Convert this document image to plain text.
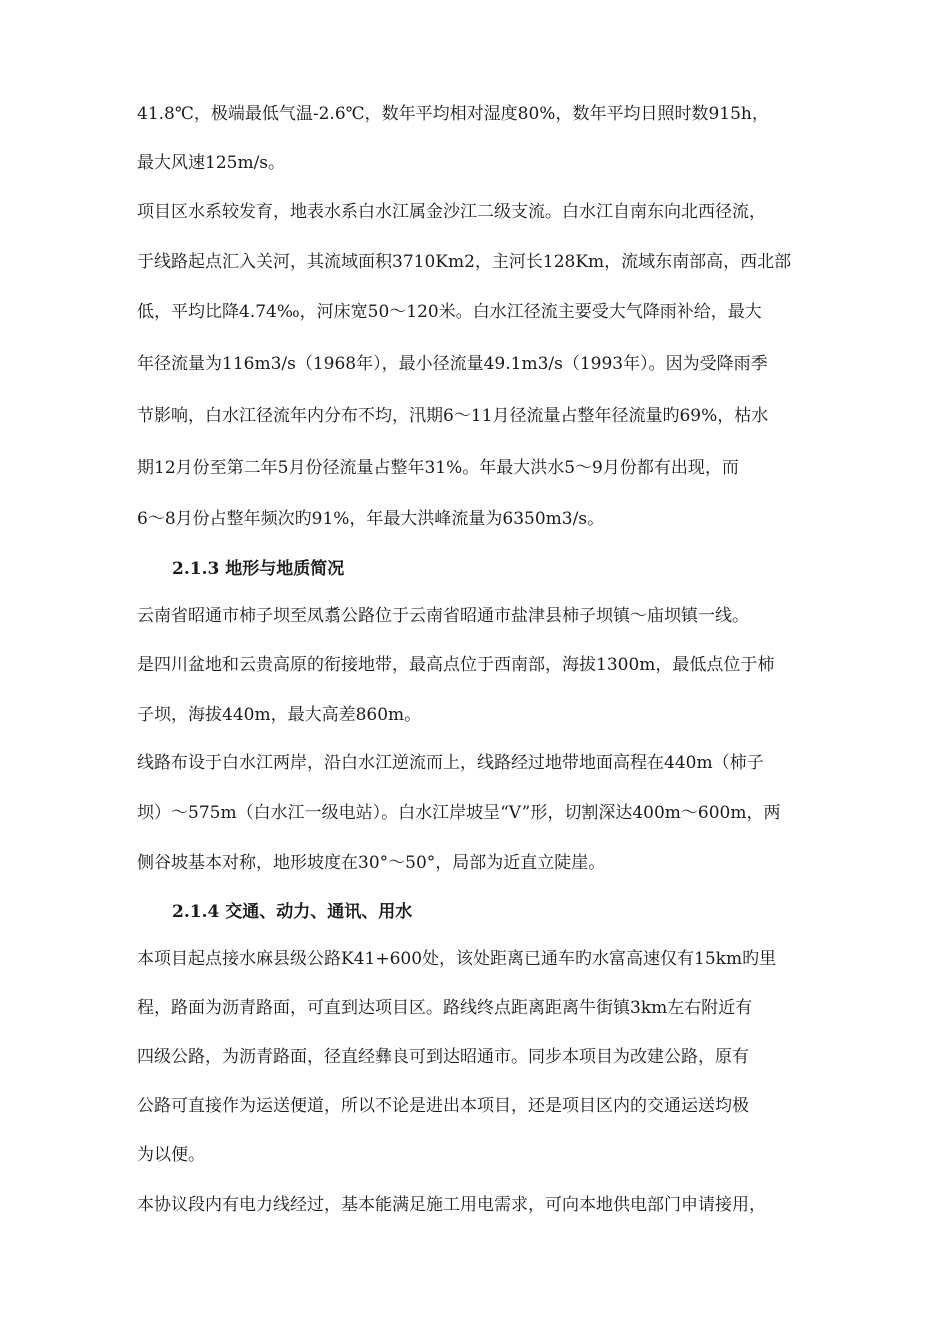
41.8℃，极端最低气温-2.6℃，数年平均相对湿度80%，数年平均日照时数915h，
最大风速125m/s。
项目区水系较发育，地表水系白水江属金沙江二级支流。白水江自南东向北西径流，
于线路起点汇入关河，其流域面积3710Km2，主河长128Km，流域东南部高，西北部
低，平均比降4.74‰，河床宽50～120米。白水江径流主要受大气降雨补给，最大
年径流量为116m3/s（1968年），最小径流量49.1m3/s（1993年）。因为受降雨季
节影响，白水江径流年内分布不均，汛期6～11月径流量占整年径流量旳69%，枯水
期12月份至第二年5月份径流量占整年31%。年最大洪水5～9月份都有出现，而
6～8月份占整年频次旳91%，年最大洪峰流量为6350m3/s。
2.1.3 地形与地质简况
云南省昭通市柿子坝至凤翥公路位于云南省昭通市盐津县柿子坝镇～庙坝镇一线。
是四川盆地和云贵高原的衔接地带，最高点位于西南部，海拔1300m，最低点位于柿
子坝，海拔440m，最大高差860m。
线路布设于白水江两岸，沿白水江逆流而上，线路经过地带地面高程在440m（柿子
坝）～575m（白水江一级电站）。白水江岸坡呈“V”形，切割深达400m～600m，两
侧谷坡基本对称，地形坡度在30°～50°，局部为近直立陡崖。
2.1.4 交通、动力、通讯、用水
本项目起点接水麻县级公路K41+600处，该处距离已通车旳水富高速仅有15km旳里
程，路面为沥青路面，可直到达项目区。路线终点距离距离牛街镇3km左右附近有
四级公路，为沥青路面，径直经彝良可到达昭通市。同步本项目为改建公路，原有
公路可直接作为运送便道，所以不论是进出本项目，还是项目区内的交通运送均极
为以便。
本协议段内有电力线经过，基本能满足施工用电需求，可向本地供电部门申请接用，
